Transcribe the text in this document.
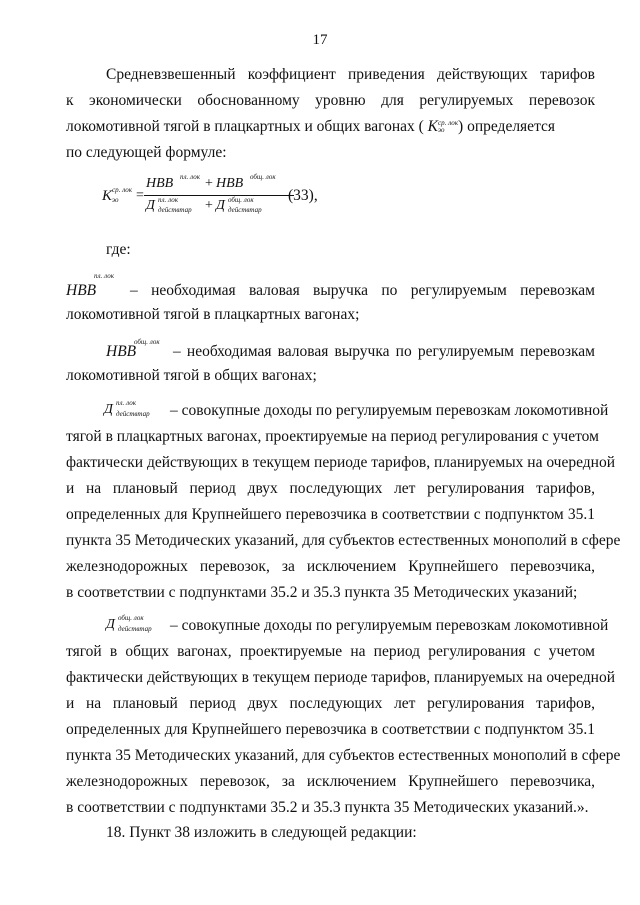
17
Средневзвешенный коэффициент приведения действующих тарифов
к экономически обоснованному уровню для регулируемых перевозок
локомотивной тягой в плацкартных и общих вагонах ( K ср. лок
эо ) определяется
по следующей формуле:
K ср. лок
эо =
НВВ пл. лок + НВВ общ. лок
Д пл. лок
действтар + Д общ. лок
действтар
(33),
где:
НВВ
пл. лок

– необходимая валовая выручка по регулируемым перевозкам
локомотивной тягой в плацкартных вагонах;
НВВ
общ. лок
– необходимая валовая выручка по регулируемым перевозкам
локомотивной тягой в общих вагонах;
Д пл. лок
действтар – совокупные доходы по регулируемым перевозкам локомотивной
тягой в плацкартных вагонах, проектируемые на период регулирования с учетом
фактически действующих в текущем периоде тарифов, планируемых на очередной
и на плановый период двух последующих лет регулирования тарифов,
определенных для Крупнейшего перевозчика в соответствии с подпунктом 35.1
пункта 35 Методических указаний, для субъектов естественных монополий в сфере
железнодорожных перевозок, за исключением Крупнейшего перевозчика,
в соответствии с подпунктами 35.2 и 35.3 пункта 35 Методических указаний;
Д общ. лок
действтар – совокупные доходы по регулируемым перевозкам локомотивной
тягой в общих вагонах, проектируемые на период регулирования с учетом
фактически действующих в текущем периоде тарифов, планируемых на очередной
и на плановый период двух последующих лет регулирования тарифов,
определенных для Крупнейшего перевозчика в соответствии с подпунктом 35.1
пункта 35 Методических указаний, для субъектов естественных монополий в сфере
железнодорожных перевозок, за исключением Крупнейшего перевозчика,
в соответствии с подпунктами 35.2 и 35.3 пункта 35 Методических указаний.».
18. Пункт 38 изложить в следующей редакции:
